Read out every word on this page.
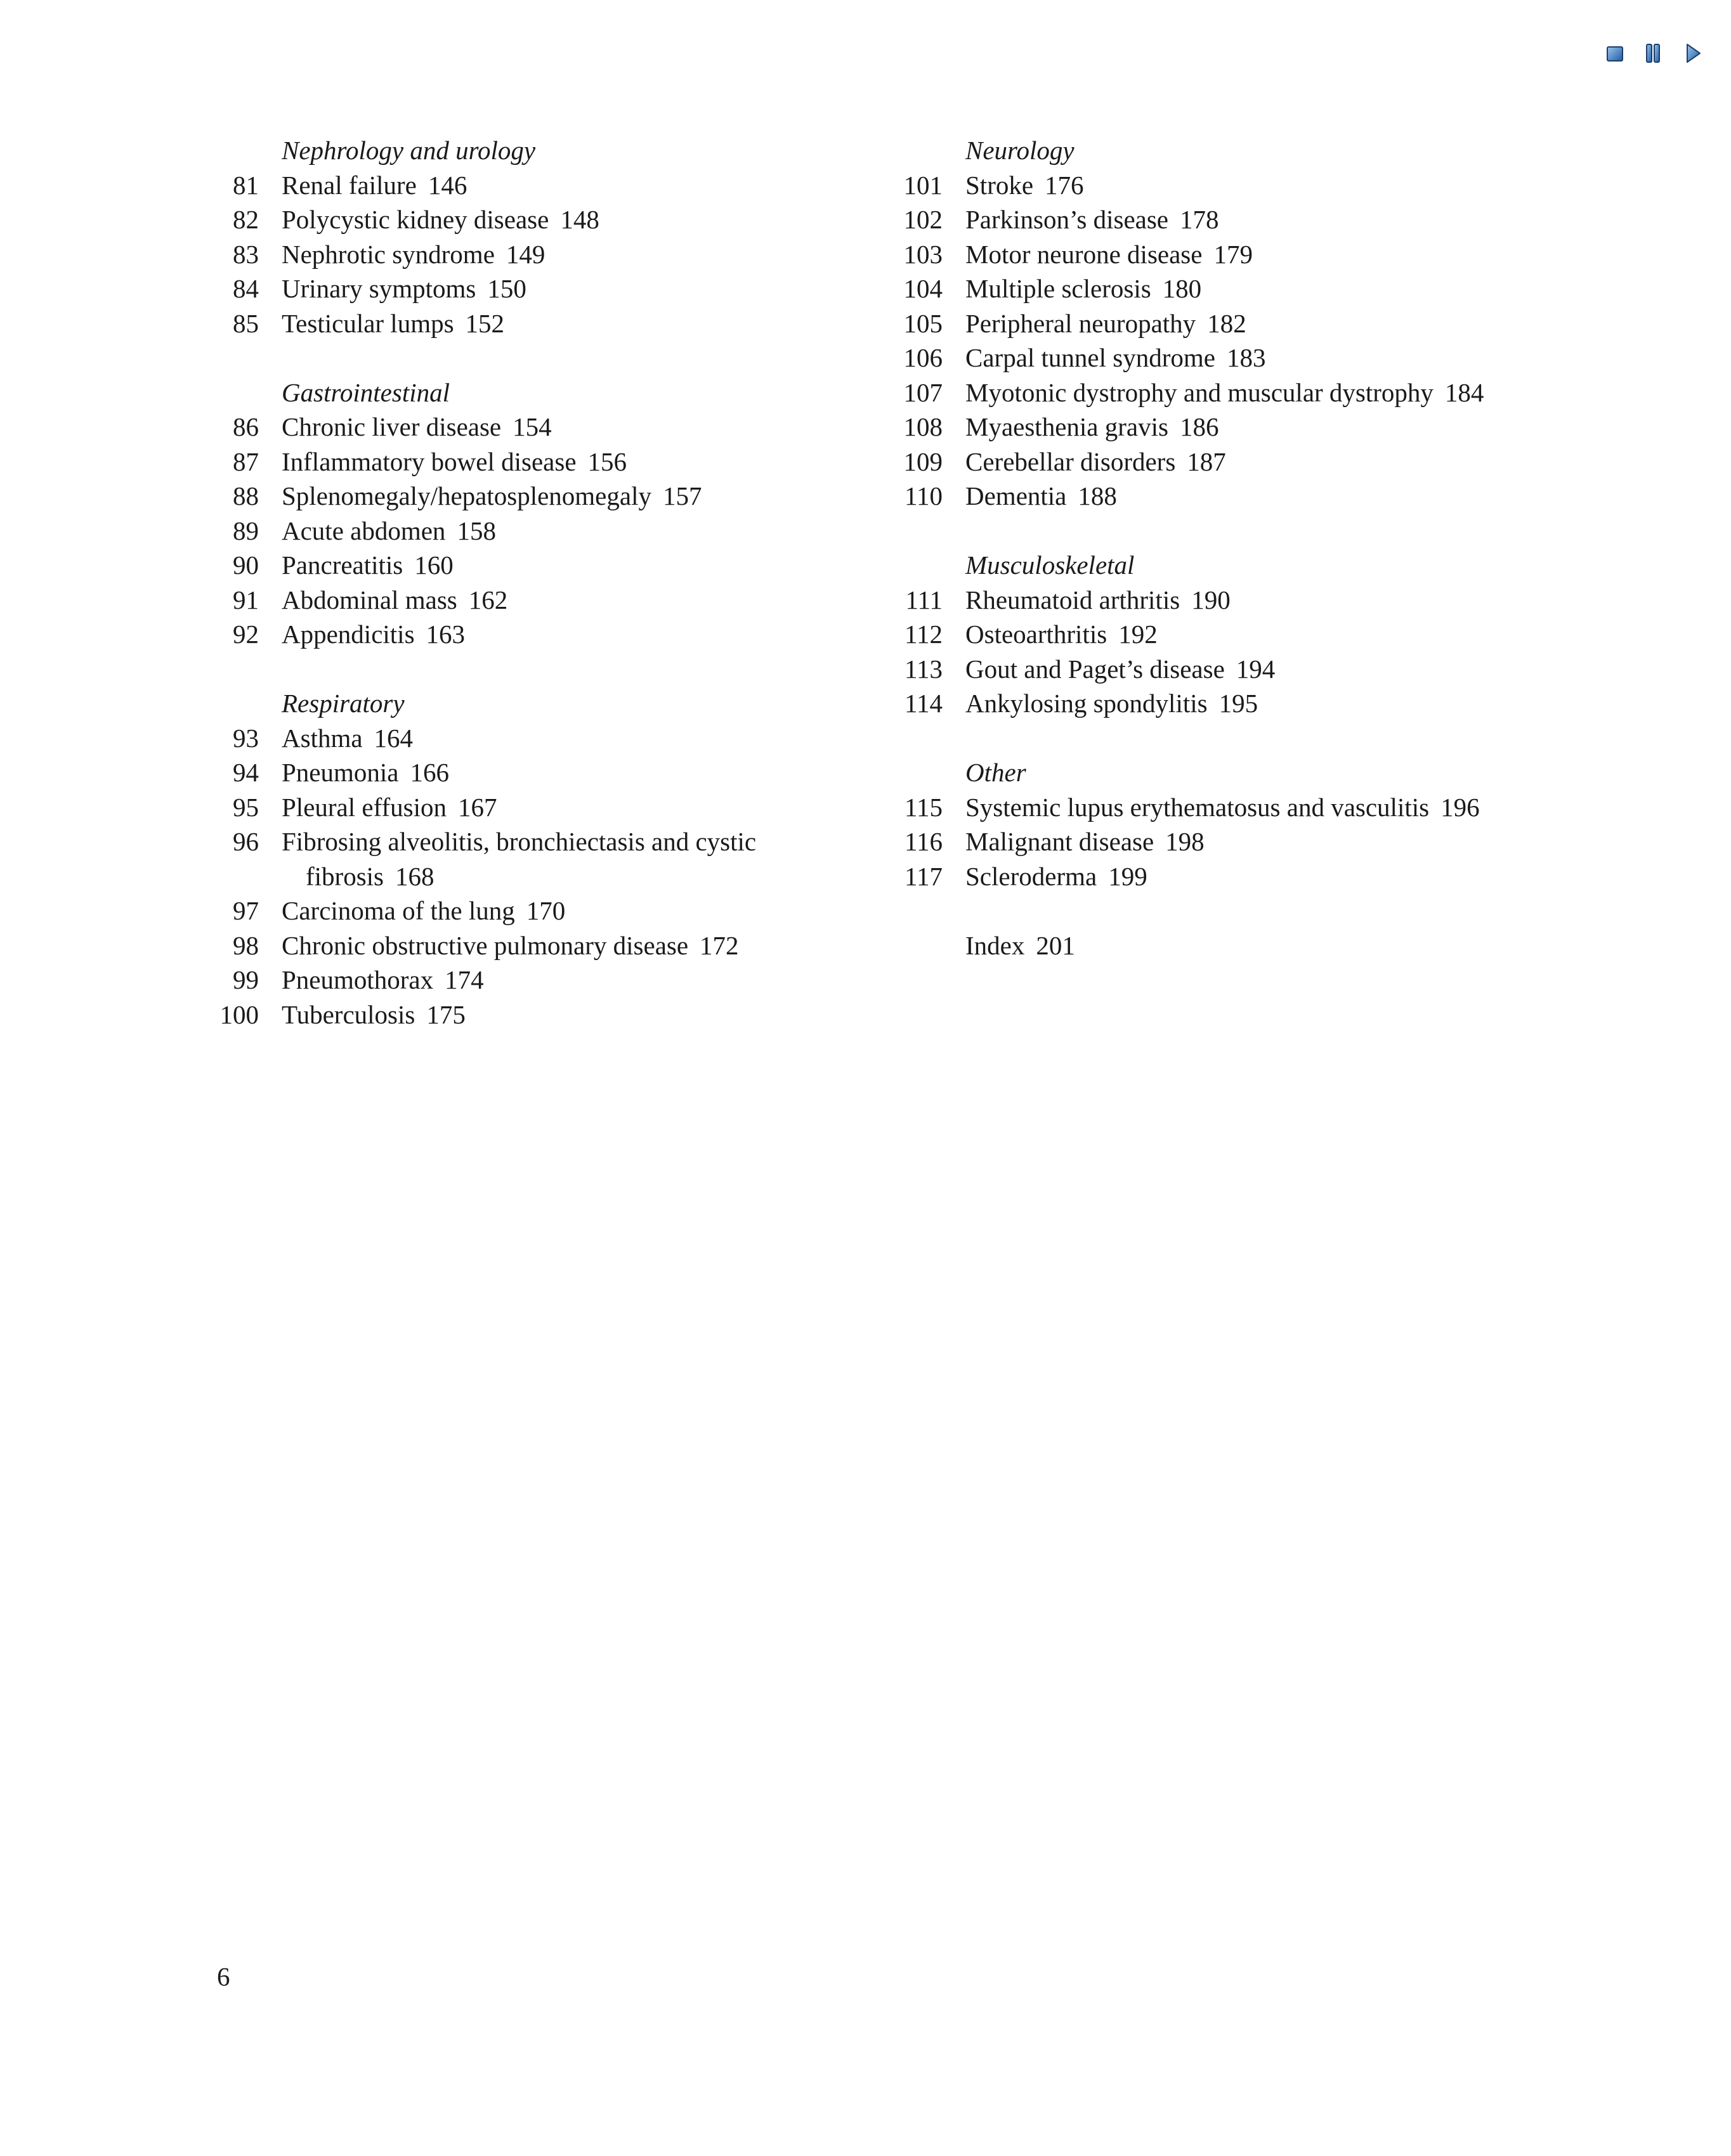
Nephrology and urology
81 Renal failure 146
82 Polycystic kidney disease 148
83 Nephrotic syndrome 149
84 Urinary symptoms 150
85 Testicular lumps 152
Gastrointestinal
86 Chronic liver disease 154
87 Inflammatory bowel disease 156
88 Splenomegaly/hepatosplenomegaly 157
89 Acute abdomen 158
90 Pancreatitis 160
91 Abdominal mass 162
92 Appendicitis 163
Respiratory
93 Asthma 164
94 Pneumonia 166
95 Pleural effusion 167
96 Fibrosing alveolitis, bronchiectasis and cystic
fibrosis 168
97 Carcinoma of the lung 170
98 Chronic obstructive pulmonary disease 172
99 Pneumothorax 174
100 Tuberculosis 175
Neurology
101 Stroke 176
102 Parkinson’s disease 178
103 Motor neurone disease 179
104 Multiple sclerosis 180
105 Peripheral neuropathy 182
106 Carpal tunnel syndrome 183
107 Myotonic dystrophy and muscular dystrophy 184
108 Myaesthenia gravis 186
109 Cerebellar disorders 187
110 Dementia 188
Musculoskeletal
111 Rheumatoid arthritis 190
112 Osteoarthritis 192
113 Gout and Paget’s disease 194
114 Ankylosing spondylitis 195
Other
115 Systemic lupus erythematosus and vasculitis 196
116 Malignant disease 198
117 Scleroderma 199
Index 201
6
